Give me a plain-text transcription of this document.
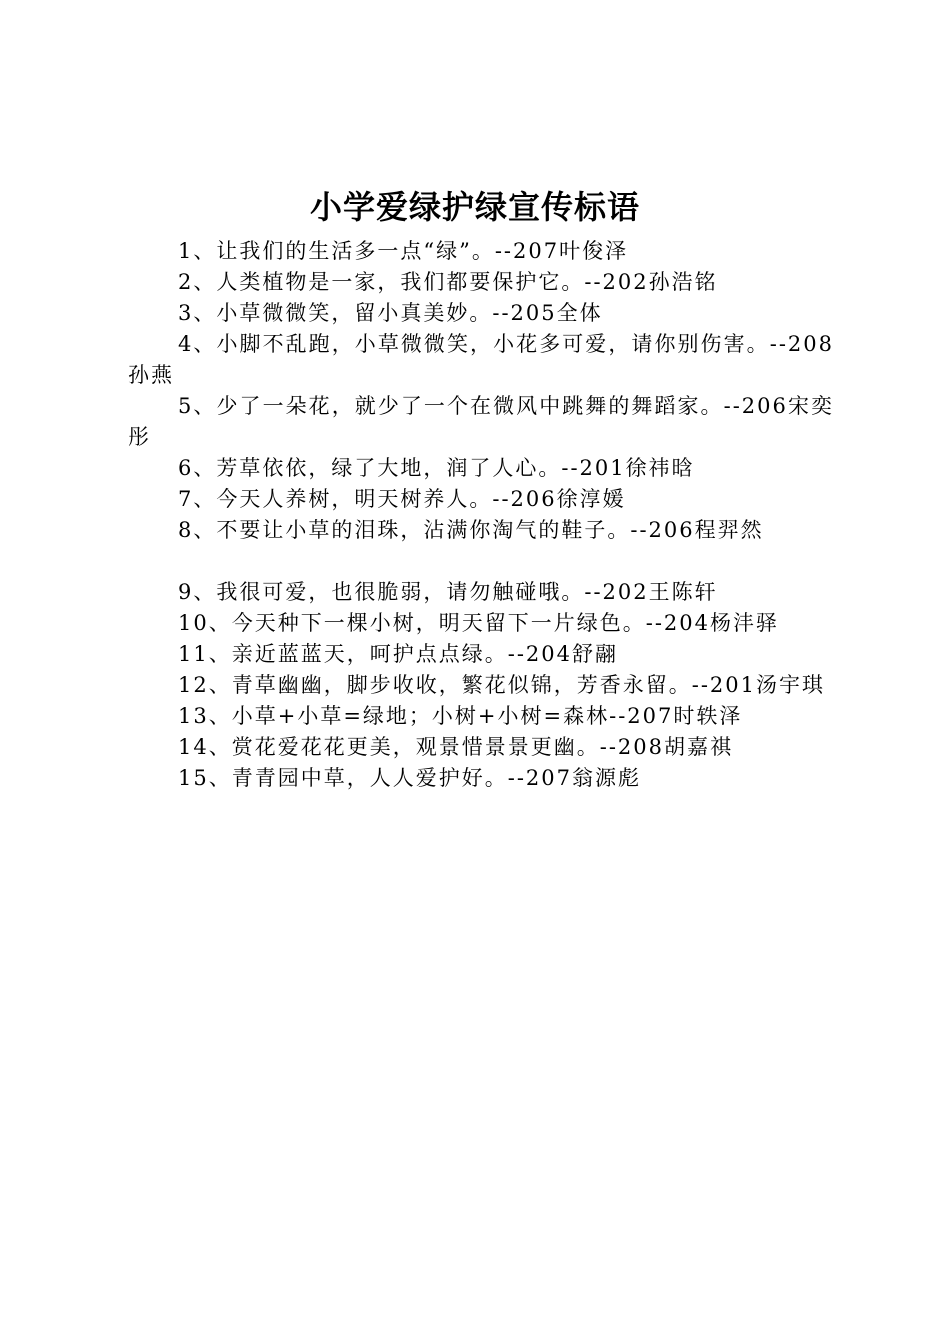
小学爱绿护绿宣传标语

1、让我们的生活多一点“绿”。--207叶俊泽

2、人类植物是一家，我们都要保护它。--202孙浩铭

3、小草微微笑，留小真美妙。--205全体

4、小脚不乱跑，小草微微笑，小花多可爱，请你别伤害。--208孙燕

5、少了一朵花，就少了一个在微风中跳舞的舞蹈家。--206宋奕彤

6、芳草依依，绿了大地，润了人心。--201徐祎晗

7、今天人养树，明天树养人。--206徐淳媛

8、不要让小草的泪珠，沾满你淘气的鞋子。--206程羿然

9、我很可爱，也很脆弱，请勿触碰哦。--202王陈轩

10、今天种下一棵小树，明天留下一片绿色。--204杨沣驿

11、亲近蓝蓝天，呵护点点绿。--204舒翮

12、青草幽幽，脚步收收，繁花似锦，芳香永留。--201汤宇琪

13、小草+小草=绿地；小树+小树=森林--207时轶泽

14、赏花爱花花更美，观景惜景景更幽。--208胡嘉祺

15、青青园中草，人人爱护好。--207翁源彪
